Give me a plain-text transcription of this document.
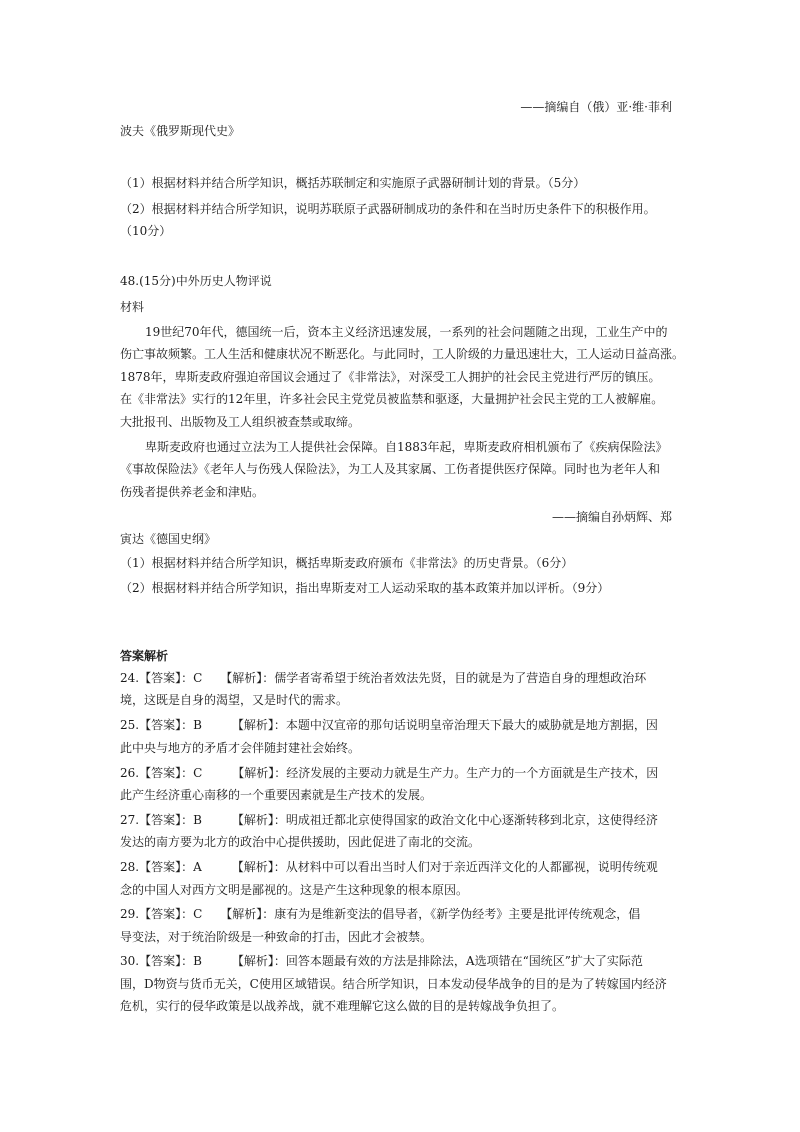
——摘编自（俄）亚·维·菲利
波夫《俄罗斯现代史》
（1）根据材料并结合所学知识，概括苏联制定和实施原子武器研制计划的背景。（5分）
（2）根据材料并结合所学知识，说明苏联原子武器研制成功的条件和在当时历史条件下的积极作用。
（10分）
48.(15分)中外历史人物评说
材料
19世纪70年代，德国统一后，资本主义经济迅速发展，一系列的社会问题随之出现，工业生产中的
伤亡事故频繁。工人生活和健康状况不断恶化。与此同时，工人阶级的力量迅速壮大，工人运动日益高涨。
1878年，卑斯麦政府强迫帝国议会通过了《非常法》，对深受工人拥护的社会民主党进行严厉的镇压。
在《非常法》实行的12年里，许多社会民主党党员被监禁和驱逐，大量拥护社会民主党的工人被解雇。
大批报刊、出版物及工人组织被查禁或取缔。
卑斯麦政府也通过立法为工人提供社会保障。自1883年起，卑斯麦政府相机颁布了《疾病保险法》
《事故保险法》《老年人与伤残人保险法》，为工人及其家属、工伤者提供医疗保障。同时也为老年人和
伤残者提供养老金和津贴。
——摘编自孙炳辉、郑
寅达《德国史纲》
（1）根据材料并结合所学知识，概括卑斯麦政府颁布《非常法》的历史背景。（6分）
（2）根据材料并结合所学知识，指出卑斯麦对工人运动采取的基本政策并加以评析。（9分）
答案解析
24.【答案】：C　　【解析】：儒学者寄希望于统治者效法先贤，目的就是为了营造自身的理想政治环
境，这既是自身的渴望，又是时代的需求。
25.【答案】：B　　　【解析】：本题中汉宣帝的那句话说明皇帝治理天下最大的威胁就是地方割据，因
此中央与地方的矛盾才会伴随封建社会始终。
26.【答案】：C　　　【解析】：经济发展的主要动力就是生产力。生产力的一个方面就是生产技术，因
此产生经济重心南移的一个重要因素就是生产技术的发展。
27.【答案】：B　　　【解析】：明成祖迁都北京使得国家的政治文化中心逐渐转移到北京，这使得经济
发达的南方要为北方的政治中心提供援助，因此促进了南北的交流。
28.【答案】：A　　　【解析】：从材料中可以看出当时人们对于亲近西洋文化的人都鄙视，说明传统观
念的中国人对西方文明是鄙视的。这是产生这种现象的根本原因。
29.【答案】：C　　【解析】：康有为是维新变法的倡导者，《新学伪经考》主要是批评传统观念，倡
导变法，对于统治阶级是一种致命的打击，因此才会被禁。
30.【答案】：B　　　【解析】：回答本题最有效的方法是排除法，A选项错在“国统区”扩大了实际范
围，D物资与货币无关，C使用区域错误。结合所学知识，日本发动侵华战争的目的是为了转嫁国内经济
危机，实行的侵华政策是以战养战，就不难理解它这么做的目的是转嫁战争负担了。
